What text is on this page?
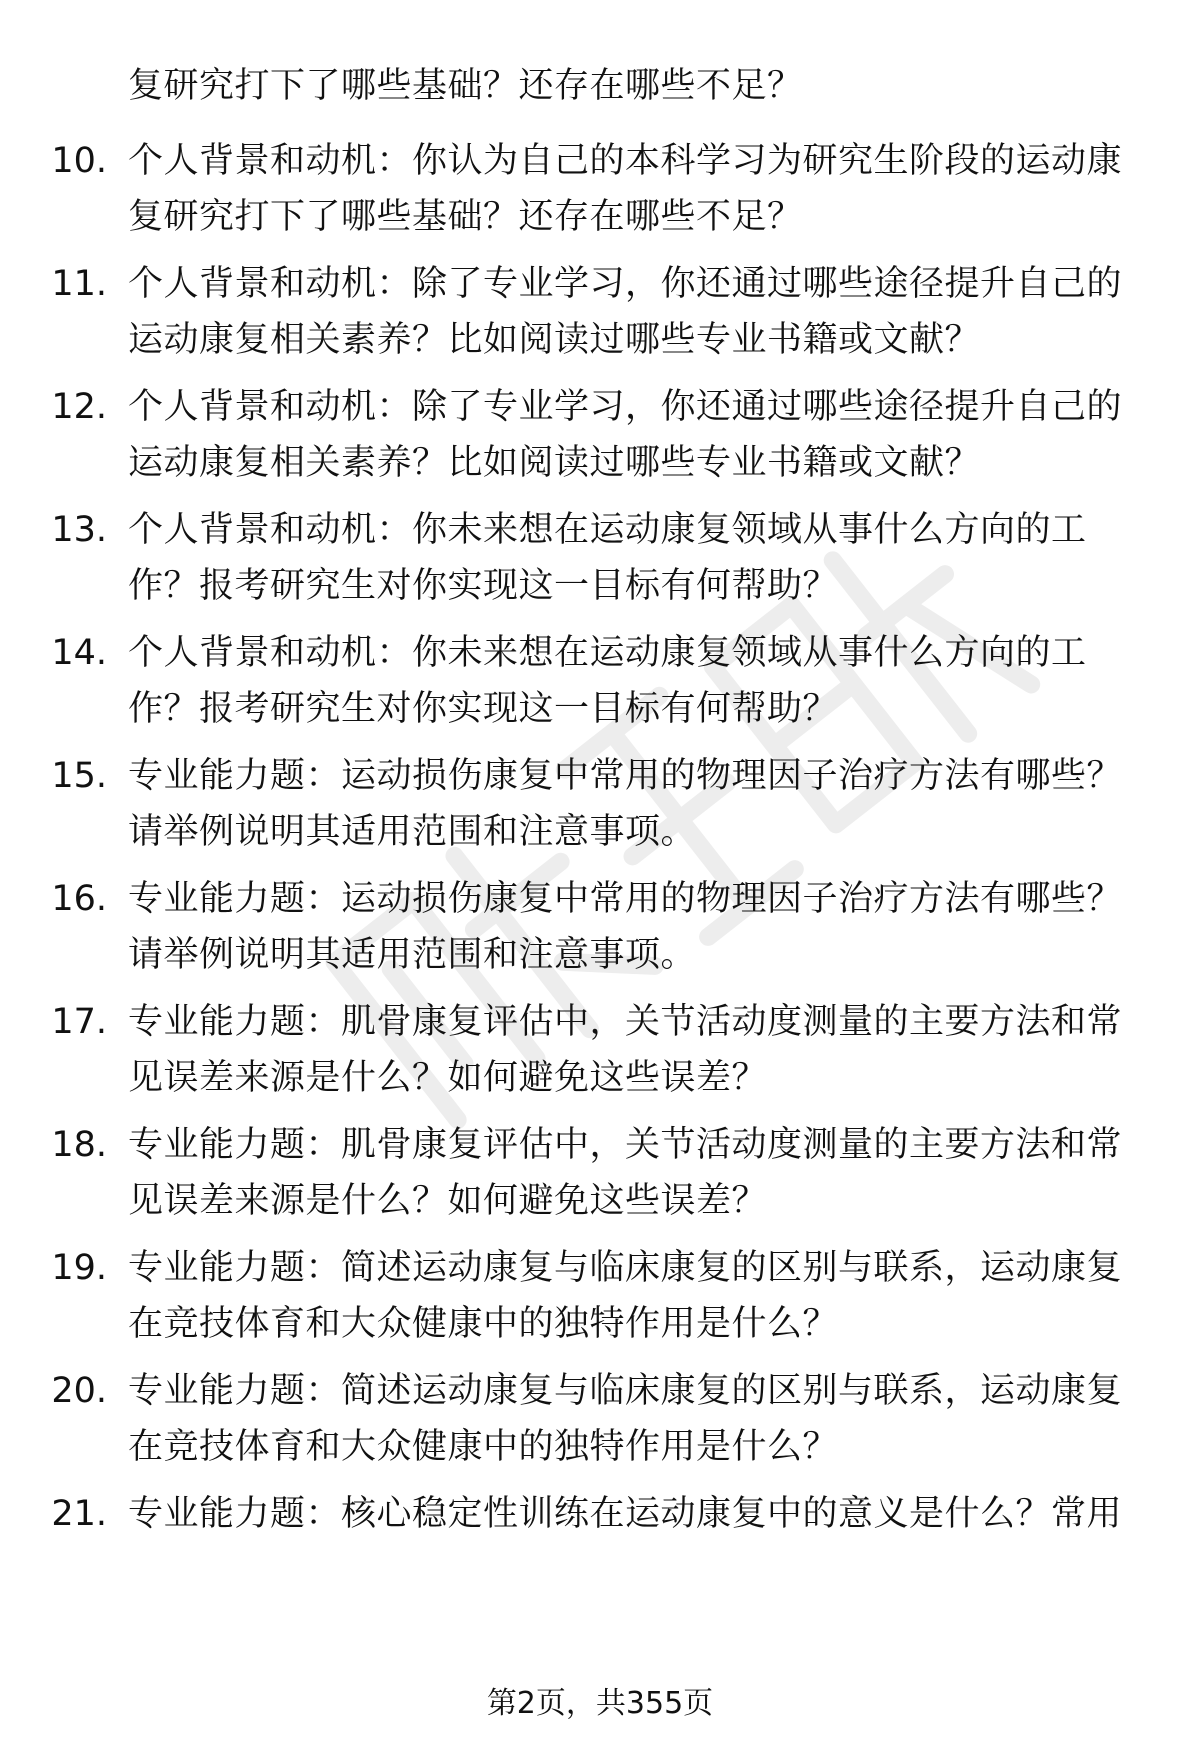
复研究打下了哪些基础？还存在哪些不足？
10. 个人背景和动机：你认为自己的本科学习为研究生阶段的运动康
复研究打下了哪些基础？还存在哪些不足？
11. 个人背景和动机：除了专业学习，你还通过哪些途径提升自己的
运动康复相关素养？比如阅读过哪些专业书籍或文献？
12. 个人背景和动机：除了专业学习，你还通过哪些途径提升自己的
运动康复相关素养？比如阅读过哪些专业书籍或文献？
13. 个人背景和动机：你未来想在运动康复领域从事什么方向的工
作？报考研究生对你实现这一目标有何帮助？
14. 个人背景和动机：你未来想在运动康复领域从事什么方向的工
作？报考研究生对你实现这一目标有何帮助？
15. 专业能力题：运动损伤康复中常用的物理因子治疗方法有哪些？
请举例说明其适用范围和注意事项。
16. 专业能力题：运动损伤康复中常用的物理因子治疗方法有哪些？
请举例说明其适用范围和注意事项。
17. 专业能力题：肌骨康复评估中，关节活动度测量的主要方法和常
见误差来源是什么？如何避免这些误差？
18. 专业能力题：肌骨康复评估中，关节活动度测量的主要方法和常
见误差来源是什么？如何避免这些误差？
19. 专业能力题：简述运动康复与临床康复的区别与联系，运动康复
在竞技体育和大众健康中的独特作用是什么？
20. 专业能力题：简述运动康复与临床康复的区别与联系，运动康复
在竞技体育和大众健康中的独特作用是什么？
21. 专业能力题：核心稳定性训练在运动康复中的意义是什么？常用
第2页，共355页
